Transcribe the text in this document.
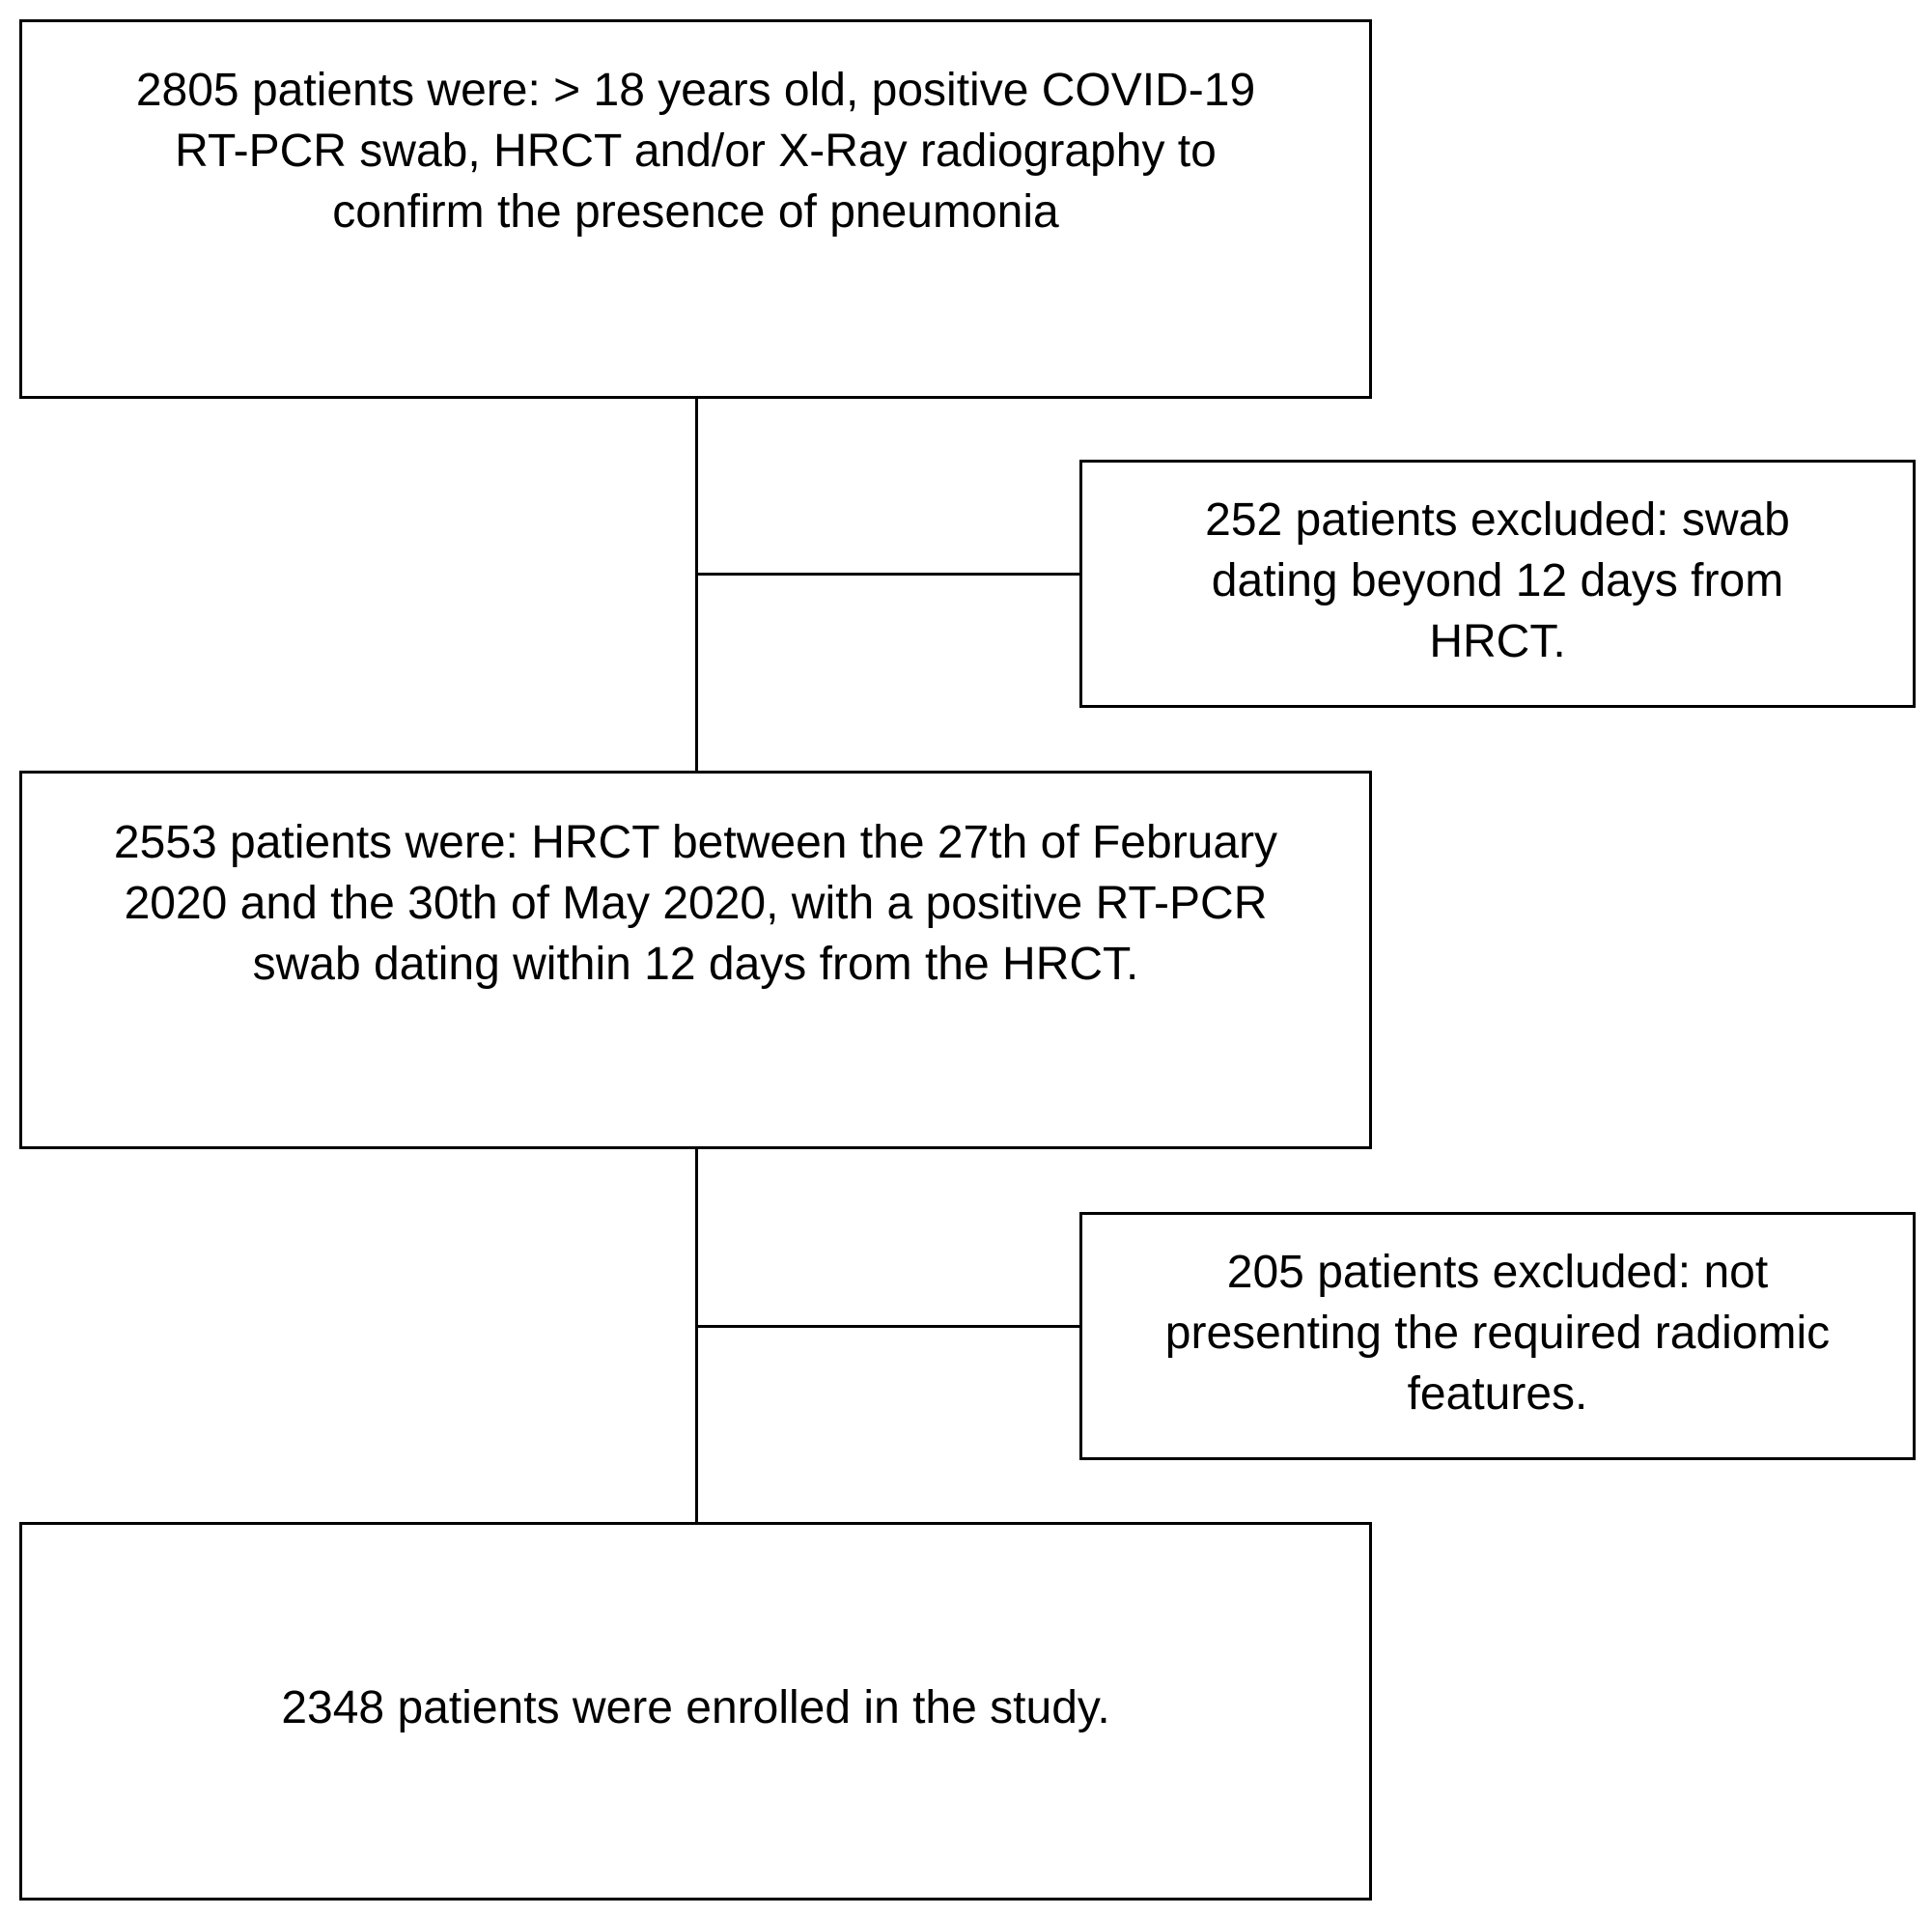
2805 patients were: > 18 years old, positive COVID-19
RT-PCR swab, HRCT and/or X-Ray radiography to
confirm the presence of pneumonia
252 patients excluded: swab
dating beyond 12 days from
HRCT.
2553 patients were: HRCT between the 27th of February
2020 and the 30th of May 2020, with a positive RT-PCR
swab dating within 12 days from the HRCT.
205 patients excluded: not
presenting the required radiomic
features.
2348 patients were enrolled in the study.
